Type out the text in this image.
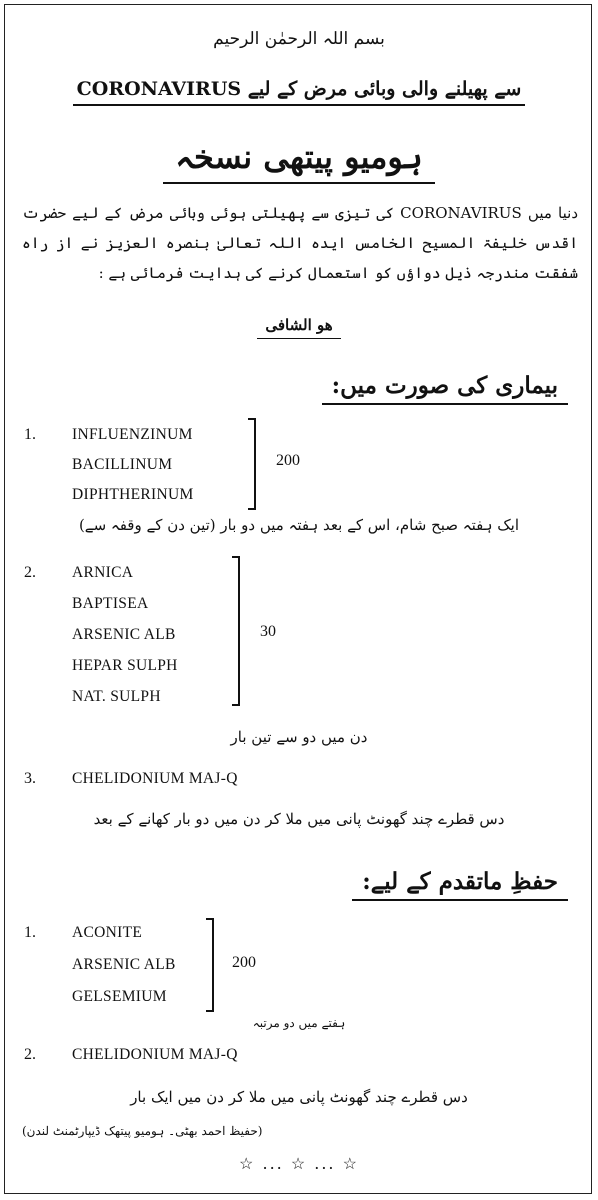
بسم اللہ الرحمٰن الرحیم
CORONAVIRUS سے پھیلنے والی وبائی مرض کے لیے
ہومیو پیتھی نسخہ
دنیا میں CORONAVIRUS کی تیزی سے پھیلتی ہوئی وبائی مرض کے لیے حضرت اقدس خلیفۃ المسیح الخامس ایدہ اللہ تعالیٰ بنصرہ العزیز نے از راہ شفقت مندرجہ ذیل دواؤں کو استعمال کرنے کی ہدایت فرمائی ہے :
ھو الشافی
بیماری کی صورت میں:
1. INFLUENZINUM
BACILLINUM
DIPHTHERINUM
200
ایک ہفتہ صبح شام، اس کے بعد ہفتہ میں دو بار (تین دن کے وقفہ سے)
2. ARNICA
BAPTISEA
ARSENIC ALB
HEPAR SULPH
NAT. SULPH
30
دن میں دو سے تین بار
3. CHELIDONIUM MAJ-Q
دس قطرے چند گھونٹ پانی میں ملا کر دن میں دو بار کھانے کے بعد
حفظِ ماتقدم کے لیے:
1. ACONITE
ARSENIC ALB
GELSEMIUM
200
ہفتے میں دو مرتبہ
2. CHELIDONIUM MAJ-Q
دس قطرے چند گھونٹ پانی میں ملا کر دن میں ایک بار
(حفیظ احمد بھٹی۔ ہومیو پیتھک ڈیپارٹمنٹ لندن)
☆ ... ☆ ... ☆
